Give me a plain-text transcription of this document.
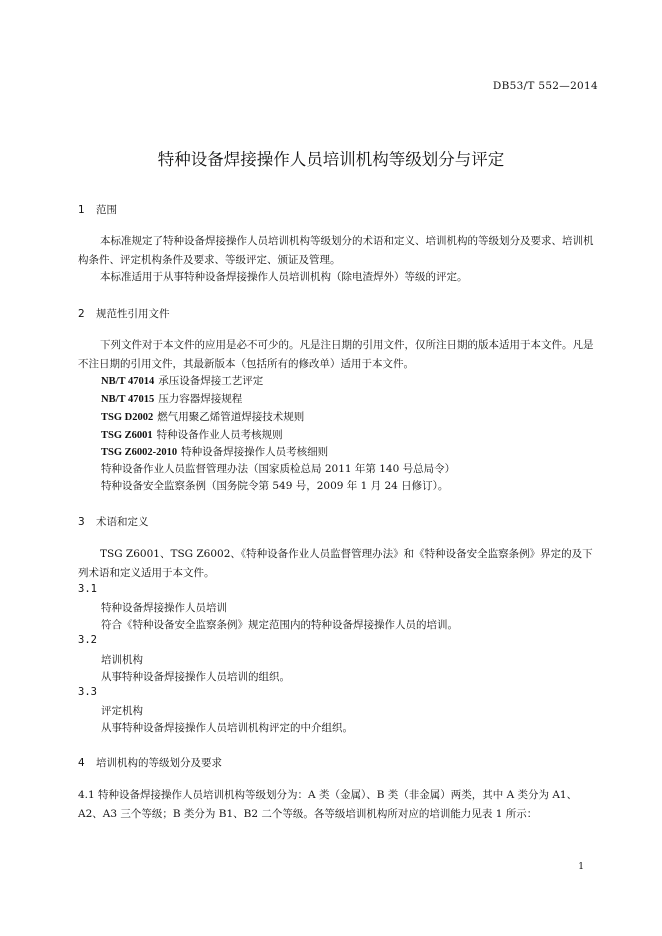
DB53/T 552—2014
特种设备焊接操作人员培训机构等级划分与评定
1 范围
本标准规定了特种设备焊接操作人员培训机构等级划分的术语和定义、培训机构的等级划分及要求、培训机构条件、评定机构条件及要求、等级评定、颁证及管理。
本标准适用于从事特种设备焊接操作人员培训机构（除电渣焊外）等级的评定。
2 规范性引用文件
下列文件对于本文件的应用是必不可少的。凡是注日期的引用文件，仅所注日期的版本适用于本文件。凡是不注日期的引用文件，其最新版本（包括所有的修改单）适用于本文件。
NB/T 47014 承压设备焊接工艺评定
NB/T 47015 压力容器焊接规程
TSG D2002 燃气用聚乙烯管道焊接技术规则
TSG Z6001 特种设备作业人员考核规则
TSG Z6002-2010 特种设备焊接操作人员考核细则
特种设备作业人员监督管理办法（国家质检总局 2011 年第 140 号总局令）
特种设备安全监察条例（国务院令第 549 号，2009 年 1 月 24 日修订）。
3 术语和定义
TSG Z6001、TSG Z6002、《特种设备作业人员监督管理办法》和《特种设备安全监察条例》界定的及下列术语和定义适用于本文件。
3.1
特种设备焊接操作人员培训
符合《特种设备安全监察条例》规定范围内的特种设备焊接操作人员的培训。
3.2
培训机构
从事特种设备焊接操作人员培训的组织。
3.3
评定机构
从事特种设备焊接操作人员培训机构评定的中介组织。
4 培训机构的等级划分及要求
4.1 特种设备焊接操作人员培训机构等级划分为：A 类（金属）、B 类（非金属）两类，其中 A 类分为 A1、A2、A3 三个等级；B 类分为 B1、B2 二个等级。各等级培训机构所对应的培训能力见表 1 所示：
1
